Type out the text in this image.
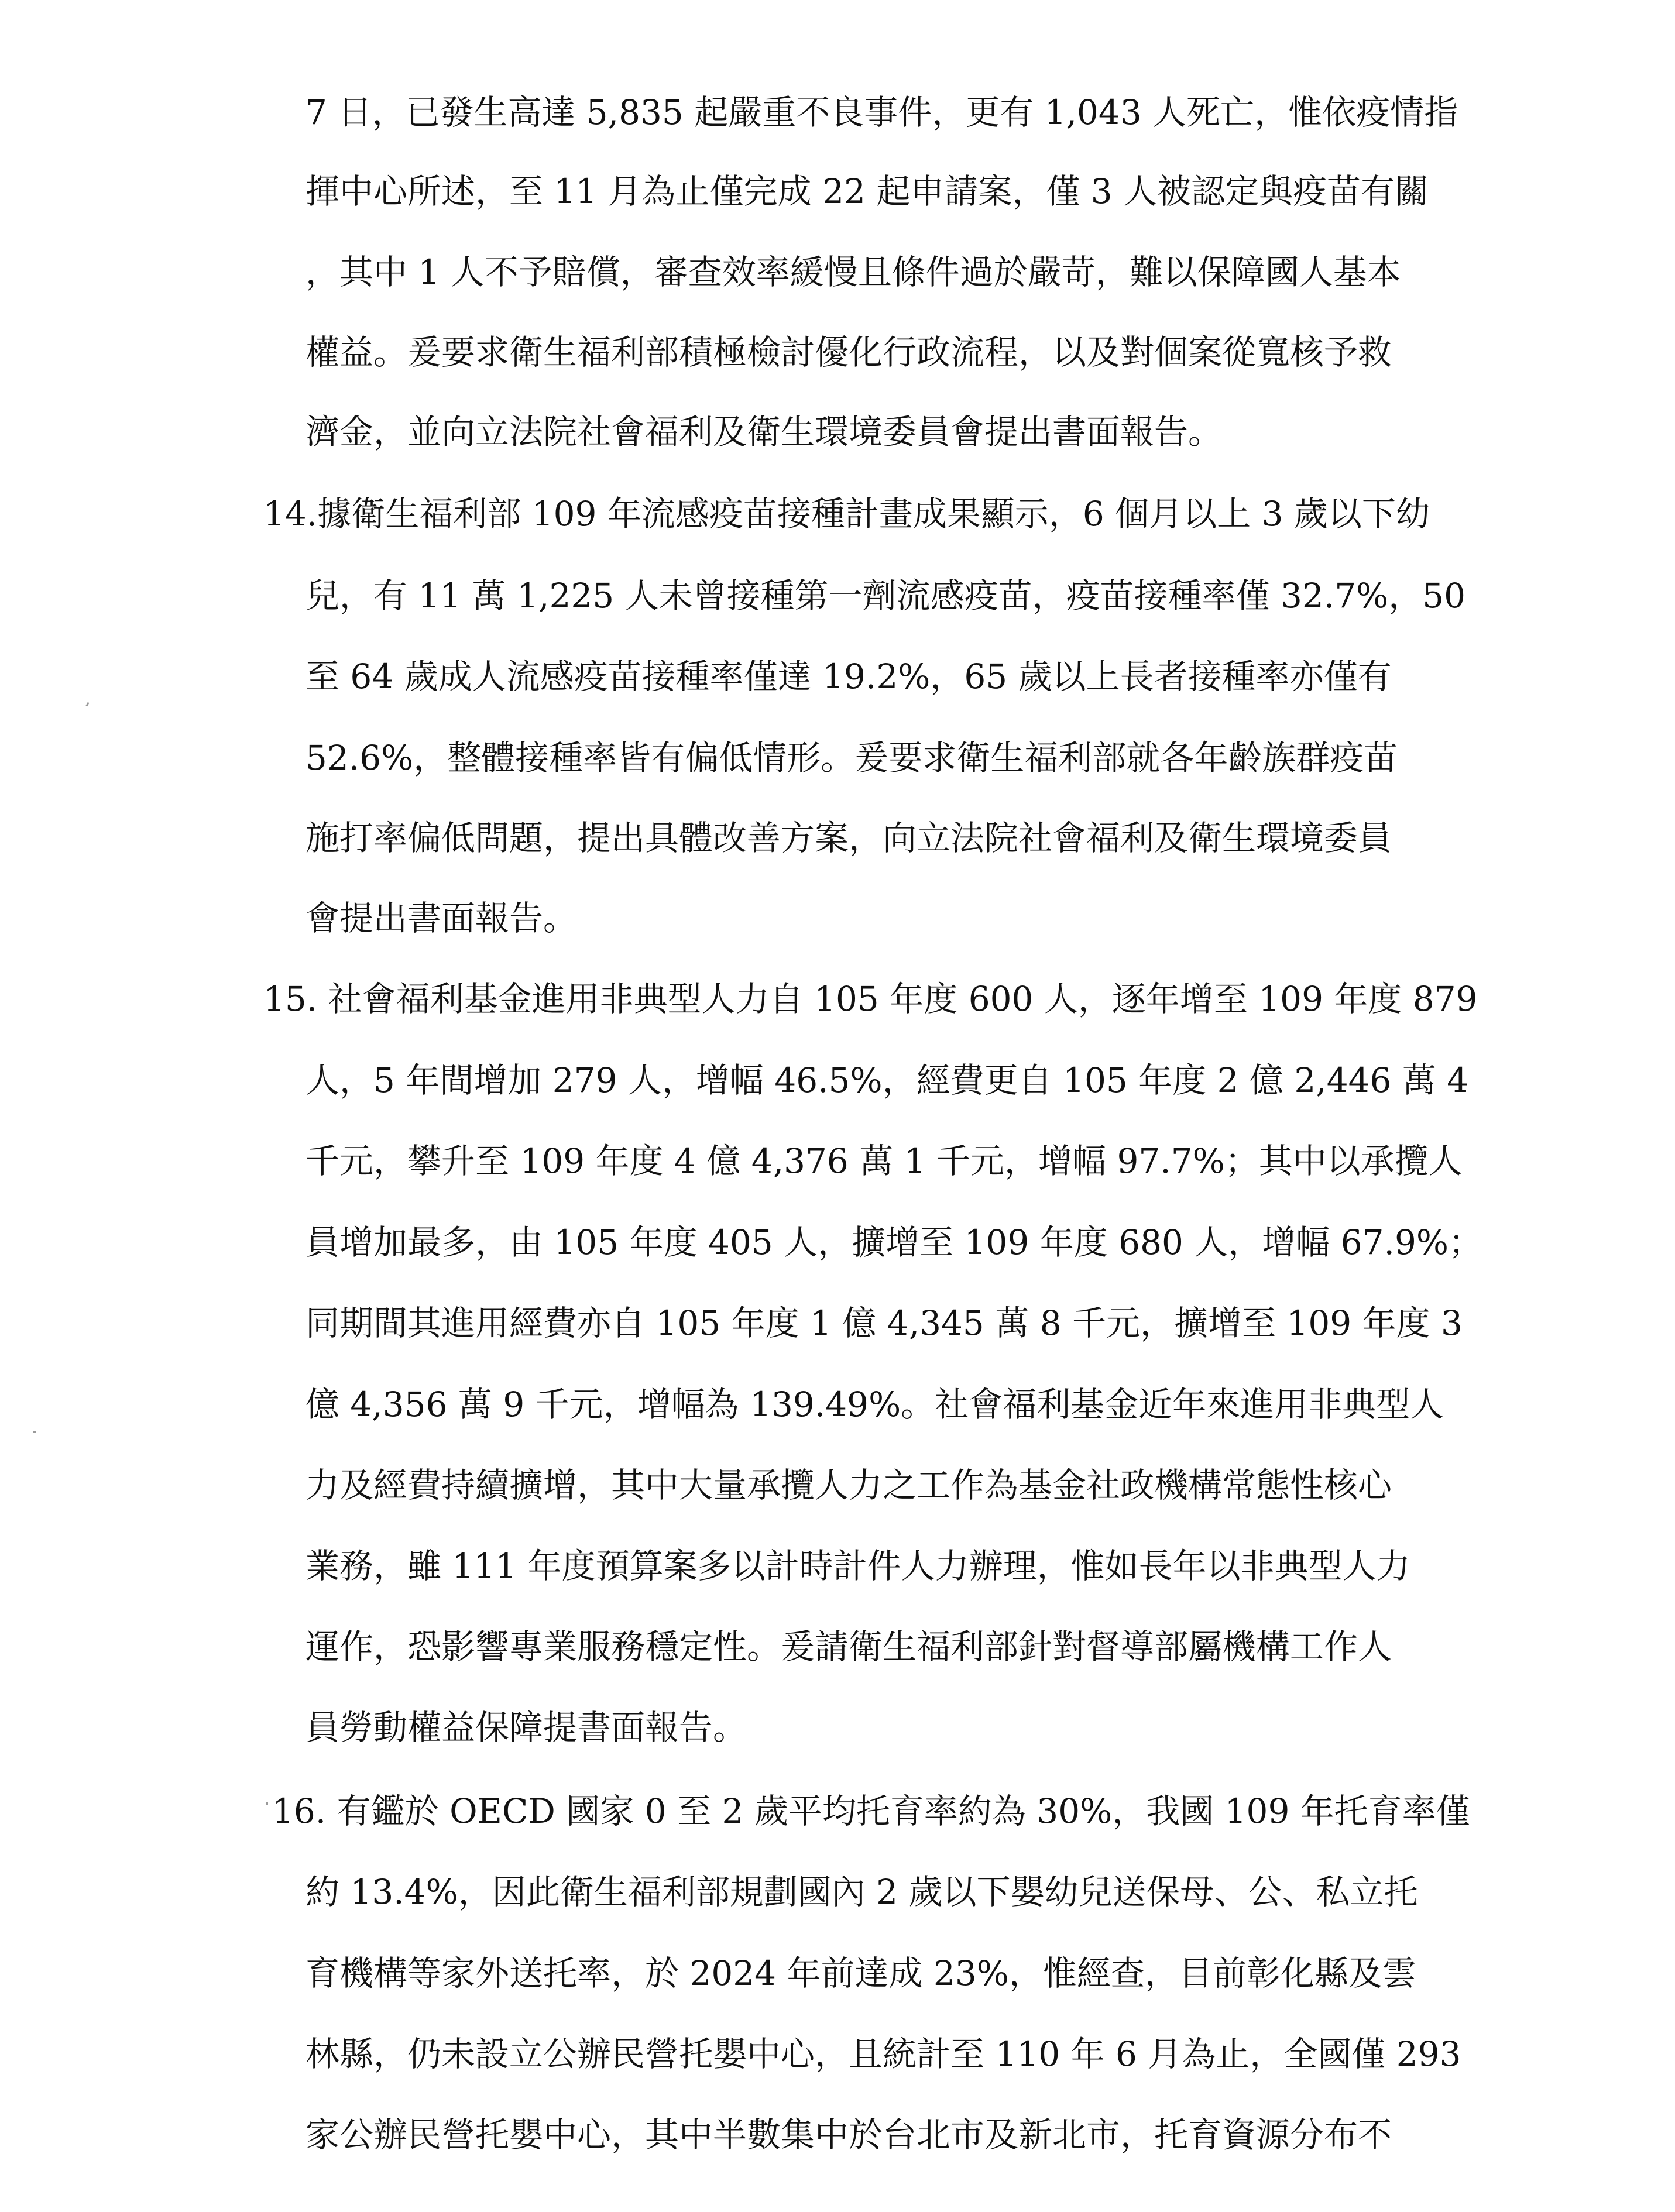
7 日，已發生高達 5,835 起嚴重不良事件，更有 1,043 人死亡，惟依疫情指
揮中心所述，至 11 月為止僅完成 22 起申請案，僅 3 人被認定與疫苗有關
，其中 1 人不予賠償，審查效率緩慢且條件過於嚴苛，難以保障國人基本
權益。爰要求衛生福利部積極檢討優化行政流程，以及對個案從寬核予救
濟金，並向立法院社會福利及衛生環境委員會提出書面報告。
14.據衛生福利部 109 年流感疫苗接種計畫成果顯示，6 個月以上 3 歲以下幼
兒，有 11 萬 1,225 人未曾接種第一劑流感疫苗，疫苗接種率僅 32.7%，50
至 64 歲成人流感疫苗接種率僅達 19.2%，65 歲以上長者接種率亦僅有
52.6%，整體接種率皆有偏低情形。爰要求衛生福利部就各年齡族群疫苗
施打率偏低問題，提出具體改善方案，向立法院社會福利及衛生環境委員
會提出書面報告。
15. 社會福利基金進用非典型人力自 105 年度 600 人，逐年增至 109 年度 879
人，5 年間增加 279 人，增幅 46.5%，經費更自 105 年度 2 億 2,446 萬 4
千元，攀升至 109 年度 4 億 4,376 萬 1 千元，增幅 97.7%；其中以承攬人
員增加最多，由 105 年度 405 人，擴增至 109 年度 680 人，增幅 67.9%；
同期間其進用經費亦自 105 年度 1 億 4,345 萬 8 千元，擴增至 109 年度 3
億 4,356 萬 9 千元，增幅為 139.49%。社會福利基金近年來進用非典型人
力及經費持續擴增，其中大量承攬人力之工作為基金社政機構常態性核心
業務，雖 111 年度預算案多以計時計件人力辦理，惟如長年以非典型人力
運作，恐影響專業服務穩定性。爰請衛生福利部針對督導部屬機構工作人
員勞動權益保障提書面報告。
16. 有鑑於 OECD 國家 0 至 2 歲平均托育率約為 30%，我國 109 年托育率僅
約 13.4%，因此衛生福利部規劃國內 2 歲以下嬰幼兒送保母、公、私立托
育機構等家外送托率，於 2024 年前達成 23%，惟經查，目前彰化縣及雲
林縣，仍未設立公辦民營托嬰中心，且統計至 110 年 6 月為止，全國僅 293
家公辦民營托嬰中心，其中半數集中於台北市及新北市，托育資源分布不
